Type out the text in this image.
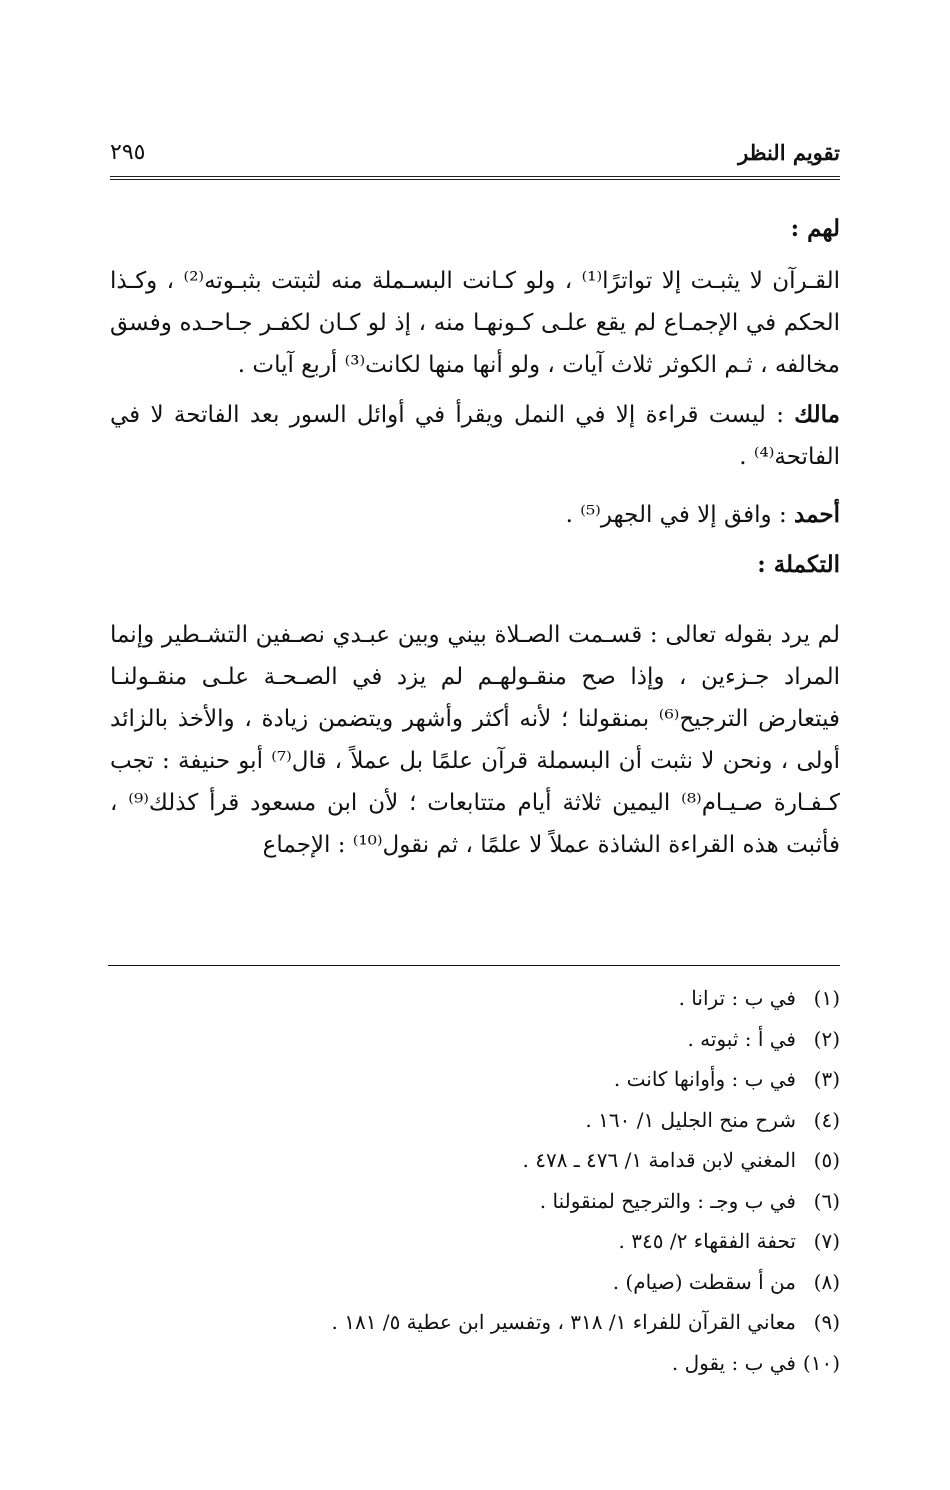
تقويم النظر
٢٩٥
لهم :

القـرآن لا يثبـت إلا تواترًا⁽¹⁾ ، ولو كـانت البسـملة منه لثبتت بثبـوته⁽²⁾ ، وكـذا الحكم في الإجمـاع لم يقع علـى كـونهـا منه ، إذ لو كـان لكفـر جـاحـده وفسق مخالفه ، ثـم الكوثر ثلاث آيات ، ولو أنها منها لكانت⁽³⁾ أربع آيات .

مالك : ليست قراءة إلا في النمل ويقرأ في أوائل السور بعد الفاتحة لا في الفاتحة⁽⁴⁾ .

أحمد : وافق إلا في الجهر⁽⁵⁾ .

التكملة :

لم يرد بقوله تعالى : قسـمت الصـلاة بيني وبين عبـدي نصـفين التشـطير وإنما المراد جـزءين ، وإذا صح منقـولهـم لم يزد في الصـحـة علـى منقـولنـا فيتعارض الترجيح⁽⁶⁾ بمنقولنا ؛ لأنه أكثر وأشهر ويتضمن زيادة ، والأخذ بالزائد أولى ، ونحن لا نثبت أن البسملة قرآن علمًا بل عملاً ، قال⁽⁷⁾ أبو حنيفة : تجب كـفـارة صـيـام⁽⁸⁾ اليمين ثلاثة أيام متتابعات ؛ لأن ابن مسعود قرأ كذلك⁽⁹⁾ ، فأثبت هذه القراءة الشاذة عملاً لا علمًا ، ثم نقول⁽¹⁰⁾ : الإجماع

(١)في ب : ترانا .
(٢)في أ : ثبوته .
(٣)في ب : وأوانها كانت .
(٤)شرح منح الجليل ١/ ١٦٠ .
(٥)المغني لابن قدامة ١/ ٤٧٦ ـ ٤٧٨ .
(٦)في ب وجـ : والترجيح لمنقولنا .
(٧)تحفة الفقهاء ٢/ ٣٤٥ .
(٨)من أ سقطت (صيام) .
(٩)معاني القرآن للفراء ١/ ٣١٨ ، وتفسير ابن عطية ٥/ ١٨١ .
(١٠)في ب : يقول .
